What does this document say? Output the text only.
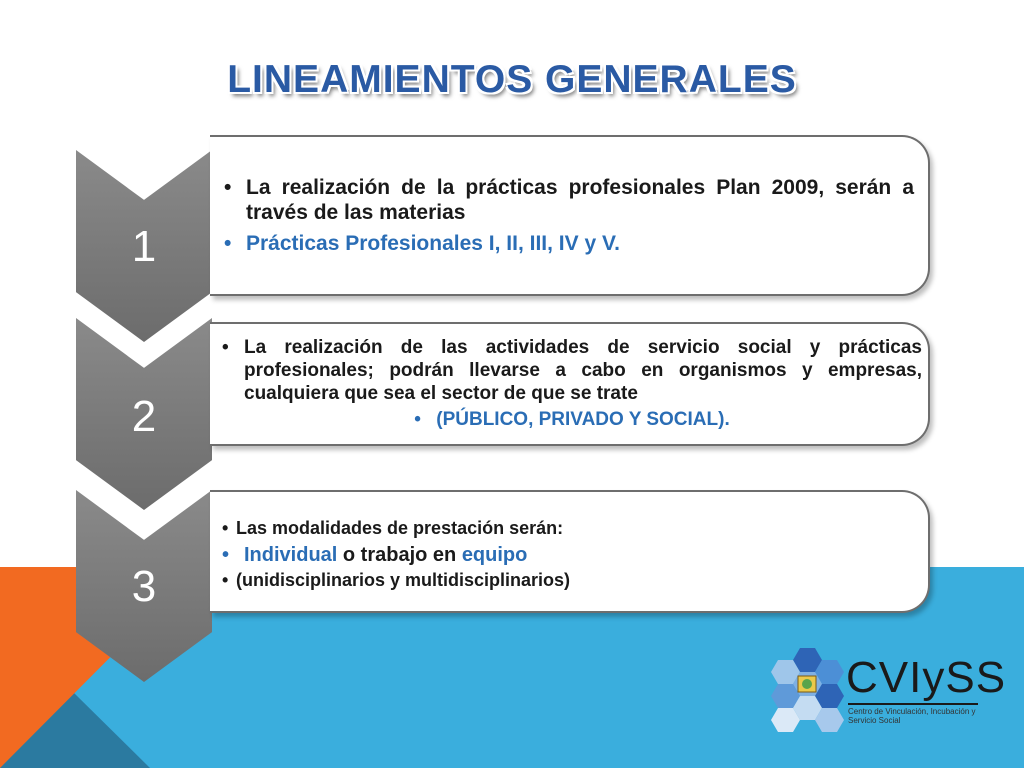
LINEAMIENTOS GENERALES
1
• La realización de la prácticas profesionales Plan 2009, serán a través de las materias
• Prácticas Profesionales I, II, III, IV y V.
2
• La realización de las actividades de servicio social y prácticas profesionales; podrán llevarse a cabo en organismos y empresas, cualquiera que sea el sector de que se trate
• (PÚBLICO, PRIVADO Y SOCIAL).
3
• Las modalidades de prestación serán:
• Individual o trabajo en equipo
• (unidisciplinarios y multidisciplinarios)
CVIySS
Centro de Vinculación, Incubación y
Servicio Social
